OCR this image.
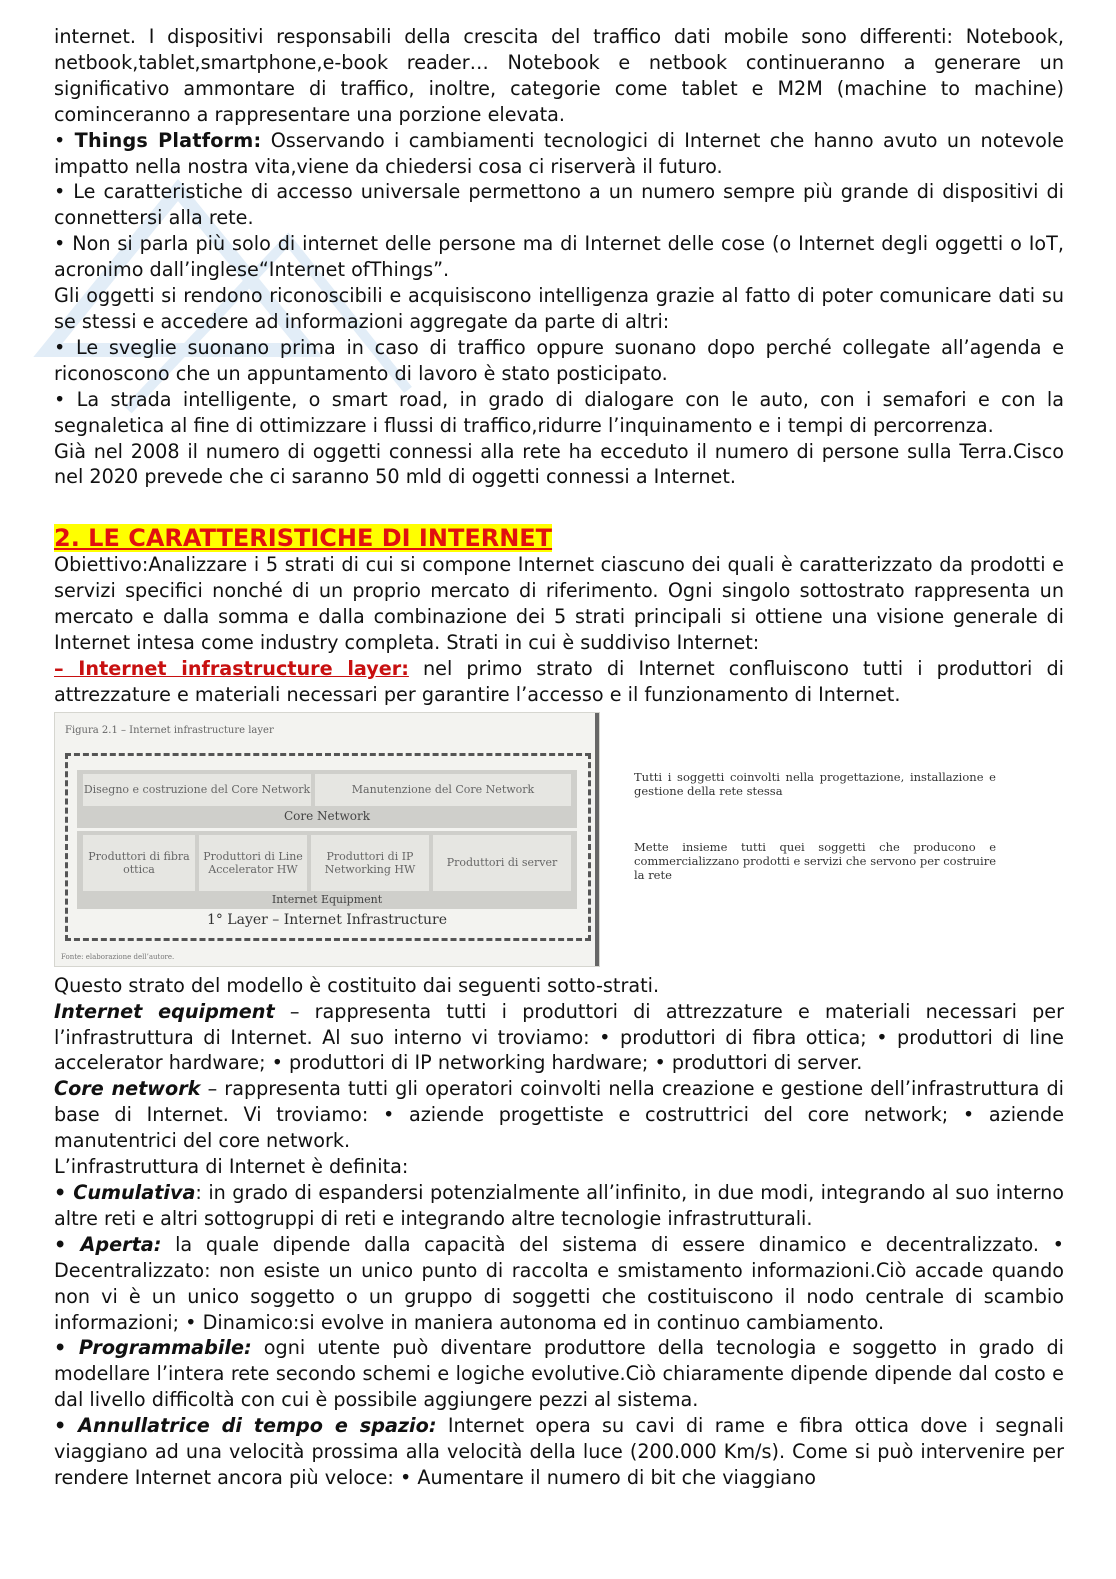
internet. I dispositivi responsabili della crescita del traffico dati mobile sono differenti: Notebook, netbook,tablet,smartphone,e-book reader… Notebook e netbook continueranno a generare un significativo ammontare di traffico, inoltre, categorie come tablet e M2M (machine to machine) cominceranno a rappresentare una porzione elevata.

• Things Platform: Osservando i cambiamenti tecnologici di Internet che hanno avuto un notevole impatto nella nostra vita,viene da chiedersi cosa ci riserverà il futuro.

• Le caratteristiche di accesso universale permettono a un numero sempre più grande di dispositivi di connettersi alla rete.

• Non si parla più solo di internet delle persone ma di Internet delle cose (o Internet degli oggetti o IoT, acronimo dall’inglese“Internet ofThings”.

Gli oggetti si rendono riconoscibili e acquisiscono intelligenza grazie al fatto di poter comunicare dati su se stessi e accedere ad informazioni aggregate da parte di altri:

• Le sveglie suonano prima in caso di traffico oppure suonano dopo perché collegate all’agenda e riconoscono che un appuntamento di lavoro è stato posticipato.

• La strada intelligente, o smart road, in grado di dialogare con le auto, con i semafori e con la segnaletica al fine di ottimizzare i flussi di traffico,ridurre l’inquinamento e i tempi di percorrenza.

Già nel 2008 il numero di oggetti connessi alla rete ha ecceduto il numero di persone sulla Terra.Cisco nel 2020 prevede che ci saranno 50 mld di oggetti connessi a Internet.

2. LE CARATTERISTICHE DI INTERNET

Obiettivo:Analizzare i 5 strati di cui si compone Internet ciascuno dei quali è caratterizzato da prodotti e servizi specifici nonché di un proprio mercato di riferimento. Ogni singolo sottostrato rappresenta un mercato e dalla somma e dalla combinazione dei 5 strati principali si ottiene una visione generale di Internet intesa come industry completa. Strati in cui è suddiviso Internet:

– Internet infrastructure layer: nel primo strato di Internet confluiscono tutti i produttori di attrezzature e materiali necessari per garantire l’accesso e il funzionamento di Internet.

Figura 2.1 – Internet infrastructure layer
Disegno e costruzione del Core Network	Manutenzione del Core Network
Core Network
Produttori di fibra ottica
Produttori di Line Accelerator HW
Produttori di IP Networking HW	Produttori di server
Internet Equipment
1° Layer – Internet Infrastructure
Fonte: elaborazione dell’autore.
Tutti i soggetti coinvolti nella progettazione, installazione e gestione della rete stessa
Mette insieme tutti quei soggetti che producono e commercializzano prodotti e servizi che servono per costruire la rete

Questo strato del modello è costituito dai seguenti sotto-strati.

Internet equipment – rappresenta tutti i produttori di attrezzature e materiali necessari per l’infrastruttura di Internet. Al suo interno vi troviamo: • produttori di fibra ottica; • produttori di line accelerator hardware; • produttori di IP networking hardware; • produttori di server.

Core network – rappresenta tutti gli operatori coinvolti nella creazione e gestione dell’infrastruttura di base di Internet. Vi troviamo: • aziende progettiste e costruttrici del core network; • aziende manutentrici del core network.

L’infrastruttura di Internet è definita:

• Cumulativa: in grado di espandersi potenzialmente all’infinito, in due modi, integrando al suo interno altre reti e altri sottogruppi di reti e integrando altre tecnologie infrastrutturali.

• Aperta: la quale dipende dalla capacità del sistema di essere dinamico e decentralizzato. • Decentralizzato: non esiste un unico punto di raccolta e smistamento informazioni.Ciò accade quando non vi è un unico soggetto o un gruppo di soggetti che costituiscono il nodo centrale di scambio informazioni; • Dinamico:si evolve in maniera autonoma ed in continuo cambiamento.

• Programmabile: ogni utente può diventare produttore della tecnologia e soggetto in grado di modellare l’intera rete secondo schemi e logiche evolutive.Ciò chiaramente dipende dipende dal costo e dal livello difficoltà con cui è possibile aggiungere pezzi al sistema.

• Annullatrice di tempo e spazio: Internet opera su cavi di rame e fibra ottica dove i segnali viaggiano ad una velocità prossima alla velocità della luce (200.000 Km/s). Come si può intervenire per rendere Internet ancora più veloce: • Aumentare il numero di bit che viaggiano
